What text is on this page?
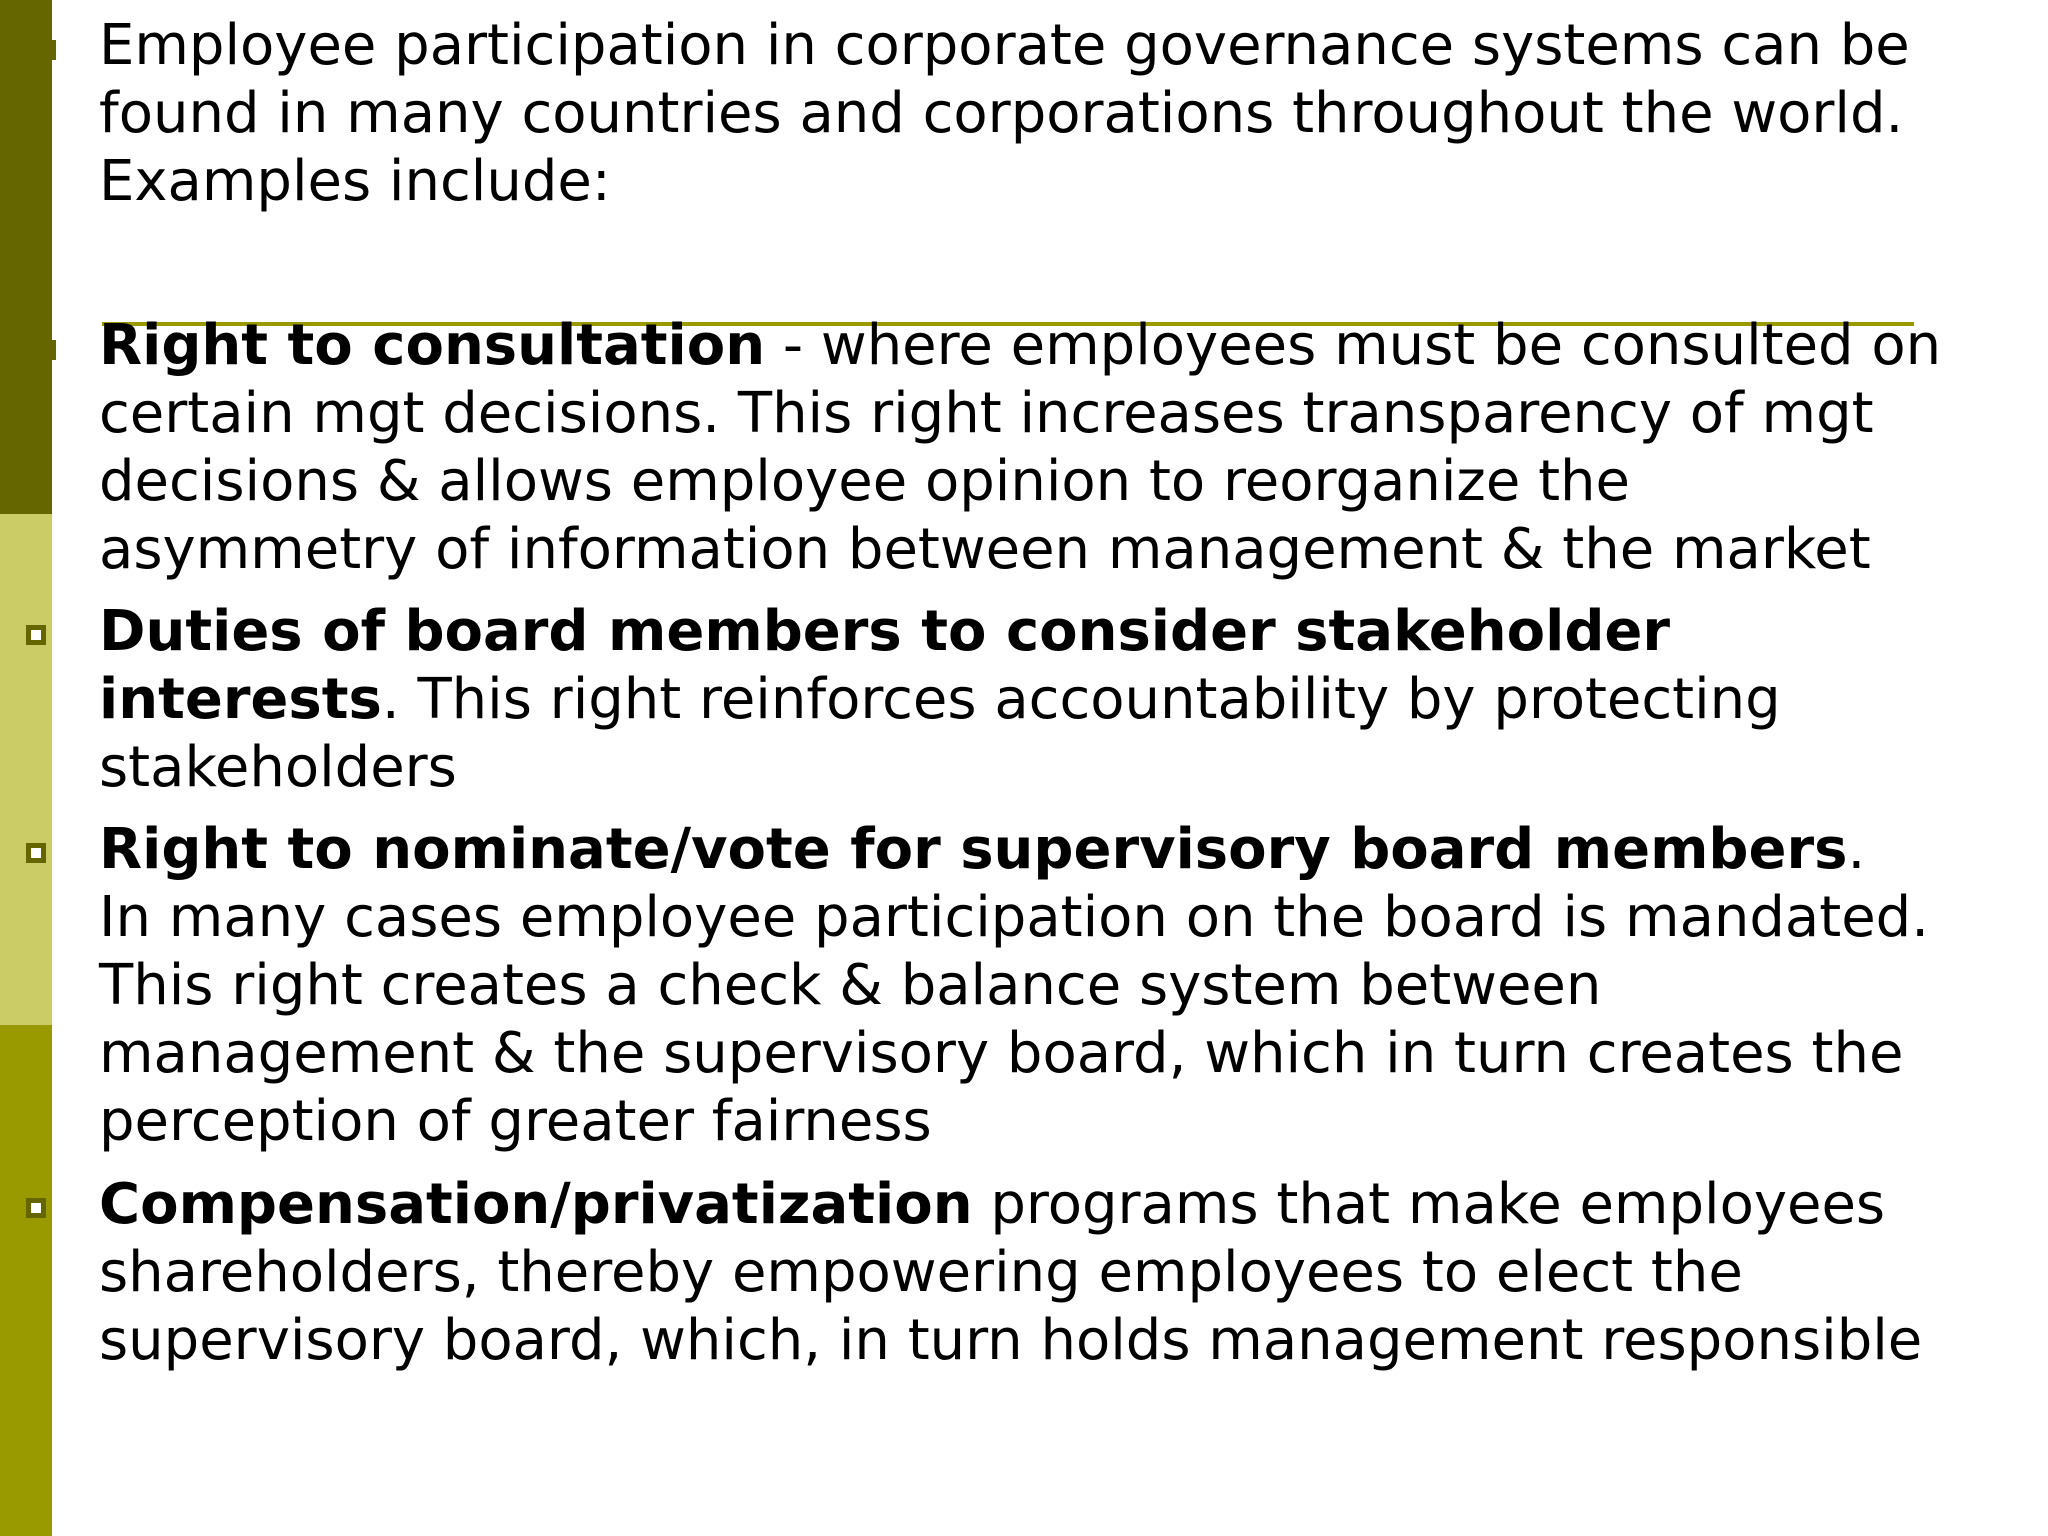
Employee participation in corporate governance systems can be
found in many countries and corporations throughout the world.
Examples include:

Right to consultation - where employees must be consulted on
certain mgt decisions. This right increases transparency of mgt
decisions & allows employee opinion to reorganize the
asymmetry of information between management & the market

Duties of board members to consider stakeholder
interests. This right reinforces accountability by protecting
stakeholders

Right to nominate/vote for supervisory board members.
In many cases employee participation on the board is mandated.
This right creates a check & balance system between
management & the supervisory board, which in turn creates the
perception of greater fairness

Compensation/privatization programs that make employees
shareholders, thereby empowering employees to elect the
supervisory board, which, in turn holds management responsible
